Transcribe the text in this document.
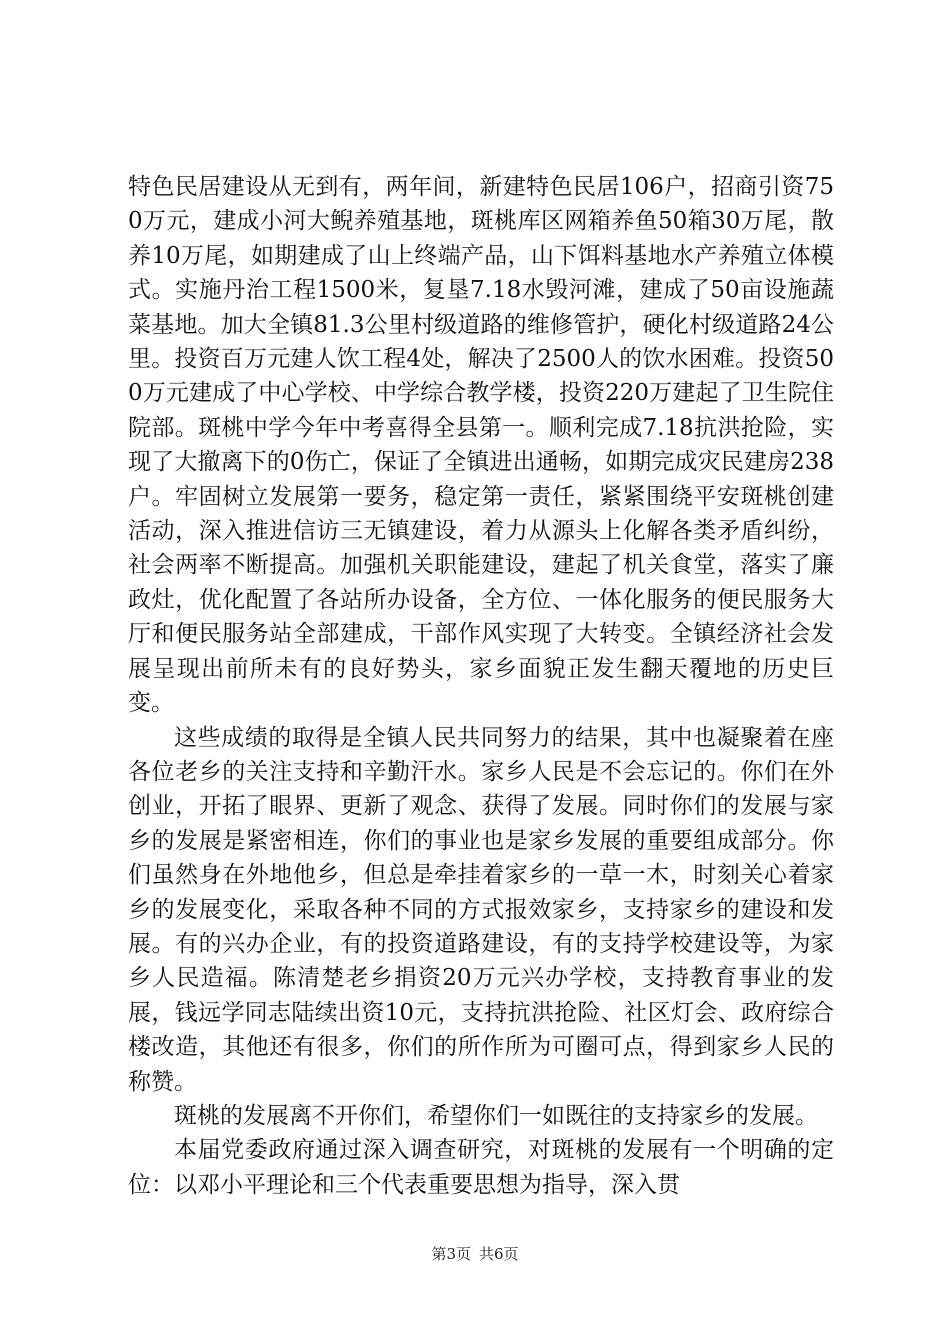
特色民居建设从无到有，两年间，新建特色民居106户，招商引资750万元，建成小河大鲵养殖基地，斑桃库区网箱养鱼50箱30万尾，散养10万尾，如期建成了山上终端产品，山下饵料基地水产养殖立体模式。实施丹治工程1500米，复垦7.18水毁河滩，建成了50亩设施蔬菜基地。加大全镇81.3公里村级道路的维修管护，硬化村级道路24公里。投资百万元建人饮工程4处，解决了2500人的饮水困难。投资500万元建成了中心学校、中学综合教学楼，投资220万建起了卫生院住院部。斑桃中学今年中考喜得全县第一。顺利完成7.18抗洪抢险，实现了大撤离下的0伤亡，保证了全镇进出通畅，如期完成灾民建房238户。牢固树立发展第一要务，稳定第一责任，紧紧围绕平安斑桃创建活动，深入推进信访三无镇建设，着力从源头上化解各类矛盾纠纷，社会两率不断提高。加强机关职能建设，建起了机关食堂，落实了廉政灶，优化配置了各站所办设备，全方位、一体化服务的便民服务大厅和便民服务站全部建成，干部作风实现了大转变。全镇经济社会发展呈现出前所未有的良好势头，家乡面貌正发生翻天覆地的历史巨变。

这些成绩的取得是全镇人民共同努力的结果，其中也凝聚着在座各位老乡的关注支持和辛勤汗水。家乡人民是不会忘记的。你们在外创业，开拓了眼界、更新了观念、获得了发展。同时你们的发展与家乡的发展是紧密相连，你们的事业也是家乡发展的重要组成部分。你们虽然身在外地他乡，但总是牵挂着家乡的一草一木，时刻关心着家乡的发展变化，采取各种不同的方式报效家乡，支持家乡的建设和发展。有的兴办企业，有的投资道路建设，有的支持学校建设等，为家乡人民造福。陈清楚老乡捐资20万元兴办学校，支持教育事业的发展，钱远学同志陆续出资10元，支持抗洪抢险、社区灯会、政府综合楼改造，其他还有很多，你们的所作所为可圈可点，得到家乡人民的称赞。

斑桃的发展离不开你们，希望你们一如既往的支持家乡的发展。

本届党委政府通过深入调查研究，对斑桃的发展有一个明确的定位：以邓小平理论和三个代表重要思想为指导，深入贯

第3页 共6页
